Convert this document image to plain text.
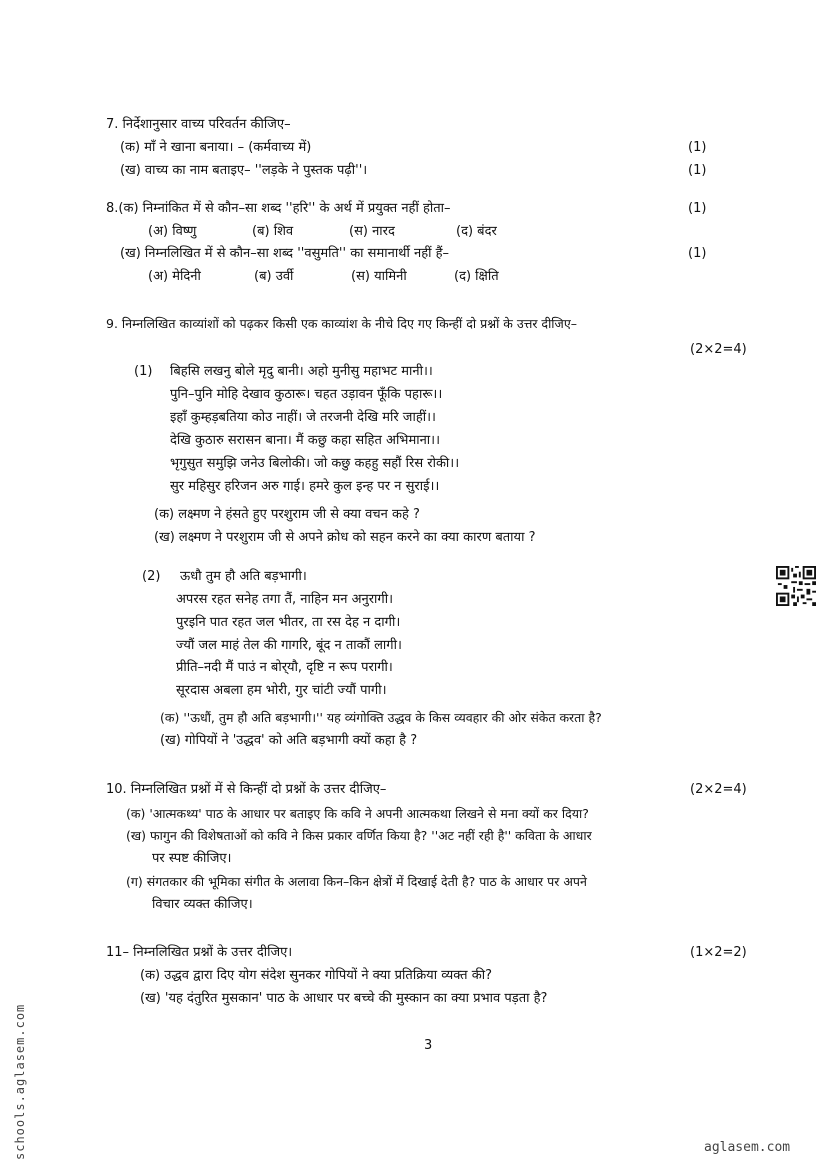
7. निर्देशानुसार वाच्य परिवर्तन कीजिए–
(क) माँ ने खाना बनाया। – (कर्मवाच्य में)	(1)
(ख) वाच्य का नाम बताइए– ''लड़के ने पुस्तक पढ़ी''।	(1)
8.(क) निम्नांकित में से कौन–सा शब्द ''हरि'' के अर्थ में प्रयुक्त नहीं होता–	(1)
(अ) विष्णु	(ब) शिव	(स) नारद	(द) बंदर
(ख) निम्नलिखित में से कौन–सा शब्द ''वसुमति'' का समानार्थी नहीं हैं–	(1)
(अ) मेदिनी	(ब) उर्वी	(स) यामिनी	(द) क्षिति
9. निम्नलिखित काव्यांशों को पढ़कर किसी एक काव्यांश के नीचे दिए गए किन्हीं दो प्रश्नों के उत्तर दीजिए–
(2×2=4)
(1) बिहसि लखनु बोले मृदु बानी। अहो मुनीसु महाभट मानी।।
पुनि–पुनि मोहि देखाव कुठारू। चहत उड़ावन फूँकि पहारू।।
इहाँ कुम्हड़बतिया कोउ नाहीं। जे तरजनी देखि मरि जाहीं।।
देखि कुठारु सरासन बाना। मैं कछु कहा सहित अभिमाना।।
भृगुसुत समुझि जनेउ बिलोकी। जो कछु कहहु सहौं रिस रोकी।।
सुर महिसुर हरिजन अरु गाई। हमरे कुल इन्ह पर न सुराई।।
(क) लक्ष्मण ने हंसते हुए परशुराम जी से क्या वचन कहे ?
(ख) लक्ष्मण ने परशुराम जी से अपने क्रोध को सहन करने का क्या कारण बताया ?
(2) ऊधौ तुम हौ अति बड़भागी।
अपरस रहत सनेह तगा तैं, नाहिन मन अनुरागी।
पुरइनि पात रहत जल भीतर, ता रस देह न दागी।
ज्यौं जल माहं तेल की गागरि, बूंद न ताकौं लागी।
प्रीति–नदी मैं पाउं न बोर्‌यौ, दृष्टि न रूप परागी।
सूरदास अबला हम भोरी, गुर चांटी ज्यौं पागी।
(क) ''ऊधौं, तुम हौ अति बड़भागी।'' यह व्यंगोक्ति उद्धव के किस व्यवहार की ओर संकेत करता है?
(ख) गोपियों ने 'उद्धव' को अति बड़भागी क्यों कहा है ?
10. निम्नलिखित प्रश्नों में से किन्हीं दो प्रश्नों के उत्तर दीजिए–	(2×2=4)
(क) 'आत्मकथ्य' पाठ के आधार पर बताइए कि कवि ने अपनी आत्मकथा लिखने से मना क्यों कर दिया?
(ख) फागुन की विशेषताओं को कवि ने किस प्रकार वर्णित किया है? ''अट नहीं रही है'' कविता के आधार
पर स्पष्ट कीजिए।
(ग) संगतकार की भूमिका संगीत के अलावा किन–किन क्षेत्रों में दिखाई देती है? पाठ के आधार पर अपने
विचार व्यक्त कीजिए।
11– निम्नलिखित प्रश्नों के उत्तर दीजिए।	(1×2=2)
(क) उद्धव द्वारा दिए योग संदेश सुनकर गोपियों ने क्या प्रतिक्रिया व्यक्त की?
(ख) 'यह दंतुरित मुसकान' पाठ के आधार पर बच्चे की मुस्कान का क्या प्रभाव पड़ता है?
3
schools.aglasem.com	aglasem.com
